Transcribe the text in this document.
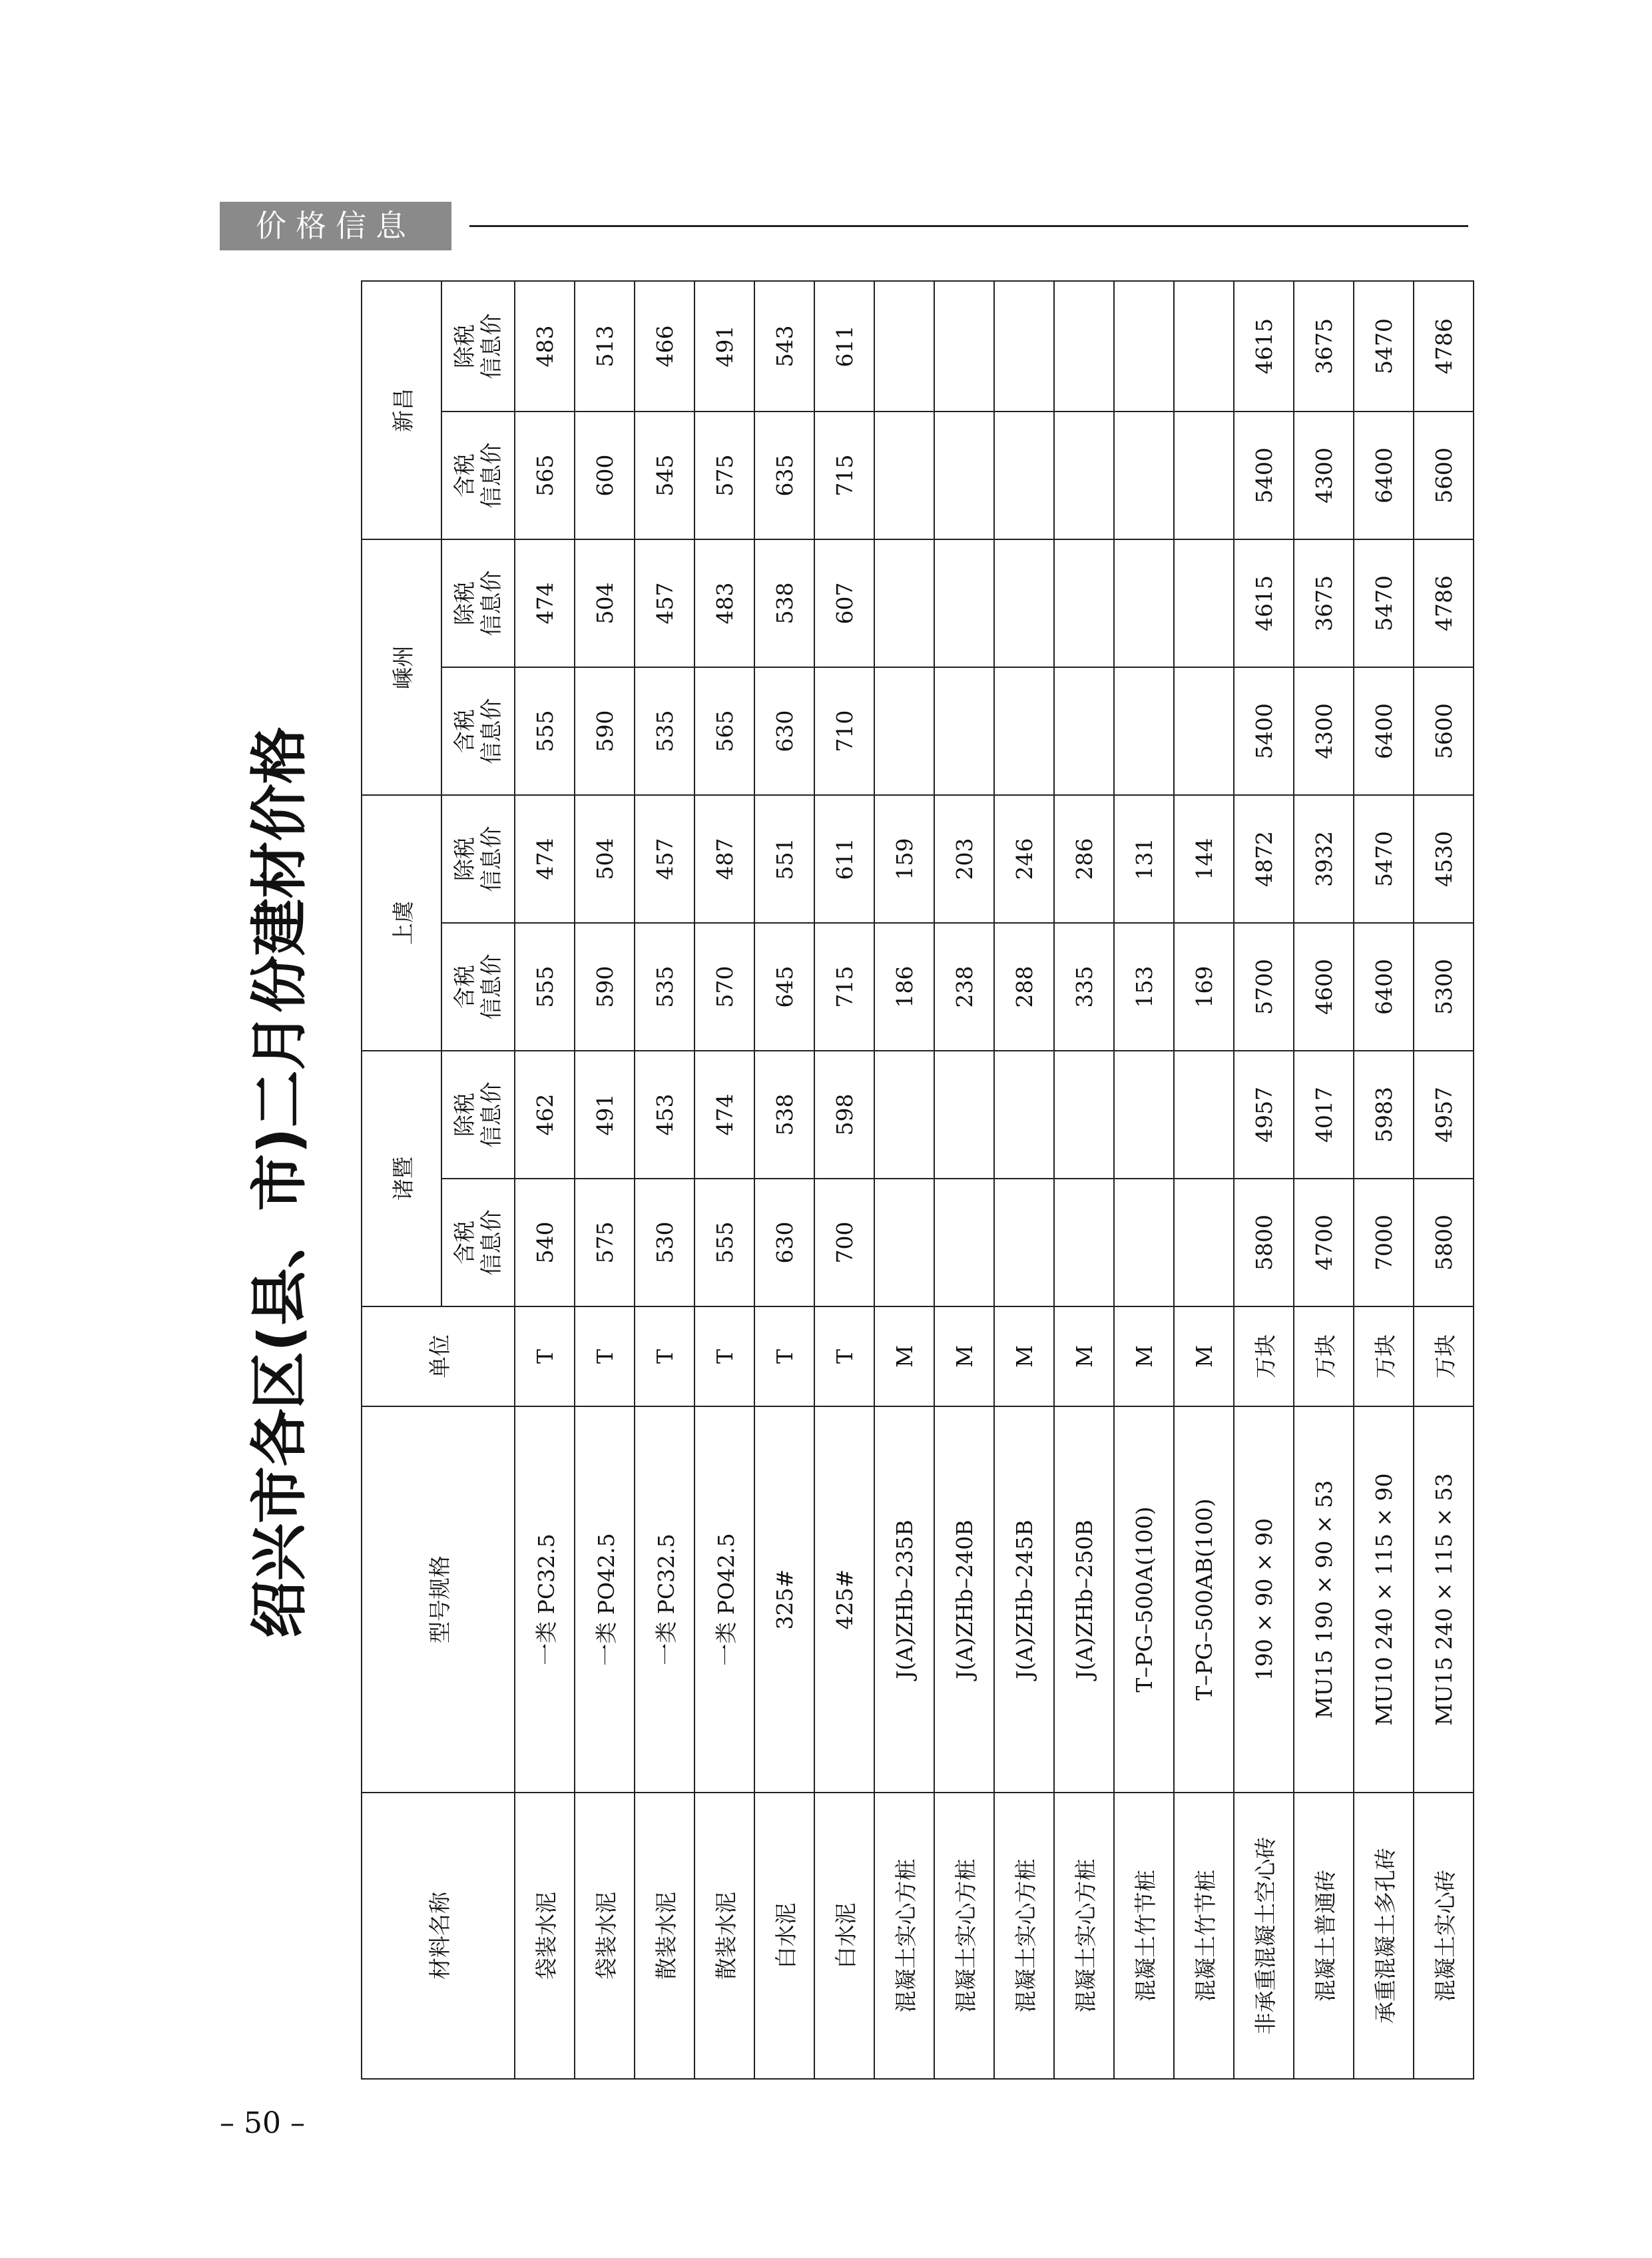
价格信息
绍兴市各区(县、市)二月份建材价格
材料名称	型号规格	单位	诸暨		上虞		嵊州		新昌	

			含税 信息价	除税 信息价	含税 信息价	除税 信息价	含税 信息价	除税 信息价	含税 信息价	除税 信息价

袋装水泥	一类 PC32.5	T	540	462	555	474	555	474	565	483
袋装水泥	一类 PO42.5	T	575	491	590	504	590	504	600	513
散装水泥	一类 PC32.5	T	530	453	535	457	535	457	545	466
散装水泥	一类 PO42.5	T	555	474	570	487	565	483	575	491
白水泥	325#	T	630	538	645	551	630	538	635	543
白水泥	425#	T	700	598	715	611	710	607	715	611
混凝土实心方桩	J(A)ZHb–235B	M			186	159				
混凝土实心方桩	J(A)ZHb–240B	M			238	203				
混凝土实心方桩	J(A)ZHb–245B	M			288	246				
混凝土实心方桩	J(A)ZHb–250B	M			335	286				
混凝土竹节桩	T–PG–500A(100)	M			153	131				
混凝土竹节桩	T–PG–500AB(100)	M			169	144				
非承重混凝土空心砖	190 × 90 × 90	万块	5800	4957	5700	4872	5400	4615	5400	4615
混凝土普通砖	MU15 190 × 90 × 53	万块	4700	4017	4600	3932	4300	3675	4300	3675
承重混凝土多孔砖	MU10 240 × 115 × 90	万块	7000	5983	6400	5470	6400	5470	6400	5470
混凝土实心砖	MU15 240 × 115 × 53	万块	5800	4957	5300	4530	5600	4786	5600	4786
– 50 –
